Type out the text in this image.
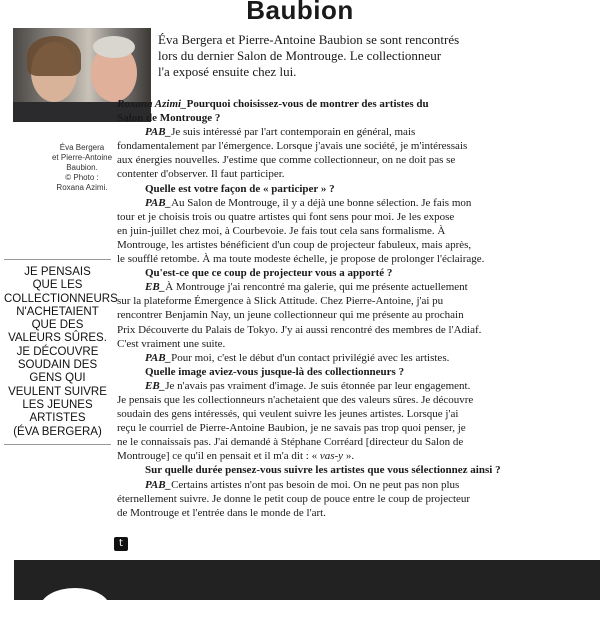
Baubion
Éva Bergera
et Pierre-Antoine
Baubion.
© Photo :
Roxana Azimi.
JE PENSAIS
QUE LES
COLLECTIONNEURS
N'ACHETAIENT
QUE DES
VALEURS SÛRES.
JE DÉCOUVRE
SOUDAIN DES
GENS QUI
VEULENT SUIVRE
LES JEUNES
ARTISTES
(ÉVA BERGERA)
Éva Bergera et Pierre-Antoine Baubion se sont rencontrés
lors du dernier Salon de Montrouge. Le collectionneur
l'a exposé ensuite chez lui.
Roxana Azimi_Pourquoi choisissez-vous de montrer des artistes du
Salon de Montrouge ?
PAB_Je suis intéressé par l'art contemporain en général, mais
fondamentalement par l'émergence. Lorsque j'avais une société, je m'intéressais
aux énergies nouvelles. J'estime que comme collectionneur, on ne doit pas se
contenter d'observer. Il faut participer.
Quelle est votre façon de « participer » ?
PAB_Au Salon de Montrouge, il y a déjà une bonne sélection. Je fais mon
tour et je choisis trois ou quatre artistes qui font sens pour moi. Je les expose
en juin-juillet chez moi, à Courbevoie. Je fais tout cela sans formalisme. À
Montrouge, les artistes bénéficient d'un coup de projecteur fabuleux, mais après,
le soufflé retombe. À ma toute modeste échelle, je propose de prolonger l'éclairage.
Qu'est-ce que ce coup de projecteur vous a apporté ?
EB_À Montrouge j'ai rencontré ma galerie, qui me présente actuellement
sur la plateforme Émergence à Slick Attitude. Chez Pierre-Antoine, j'ai pu
rencontrer Benjamin Nay, un jeune collectionneur qui me présente au prochain
Prix Découverte du Palais de Tokyo. J'y ai aussi rencontré des membres de l'Adiaf.
C'est vraiment une suite.
PAB_Pour moi, c'est le début d'un contact privilégié avec les artistes.
Quelle image aviez-vous jusque-là des collectionneurs ?
EB_Je n'avais pas vraiment d'image. Je suis étonnée par leur engagement.
Je pensais que les collectionneurs n'achetaient que des valeurs sûres. Je découvre
soudain des gens intéressés, qui veulent suivre les jeunes artistes. Lorsque j'ai
reçu le courriel de Pierre-Antoine Baubion, je ne savais pas trop quoi penser, je
ne le connaissais pas. J'ai demandé à Stéphane Corréard [directeur du Salon de
Montrouge] ce qu'il en pensait et il m'a dit : « vas-y ».
Sur quelle durée pensez-vous suivre les artistes que vous sélectionnez ainsi ?
PAB_Certains artistes n'ont pas besoin de moi. On ne peut pas non plus
éternellement suivre. Je donne le petit coup de pouce entre le coup de projecteur
de Montrouge et l'entrée dans le monde de l'art.
t
